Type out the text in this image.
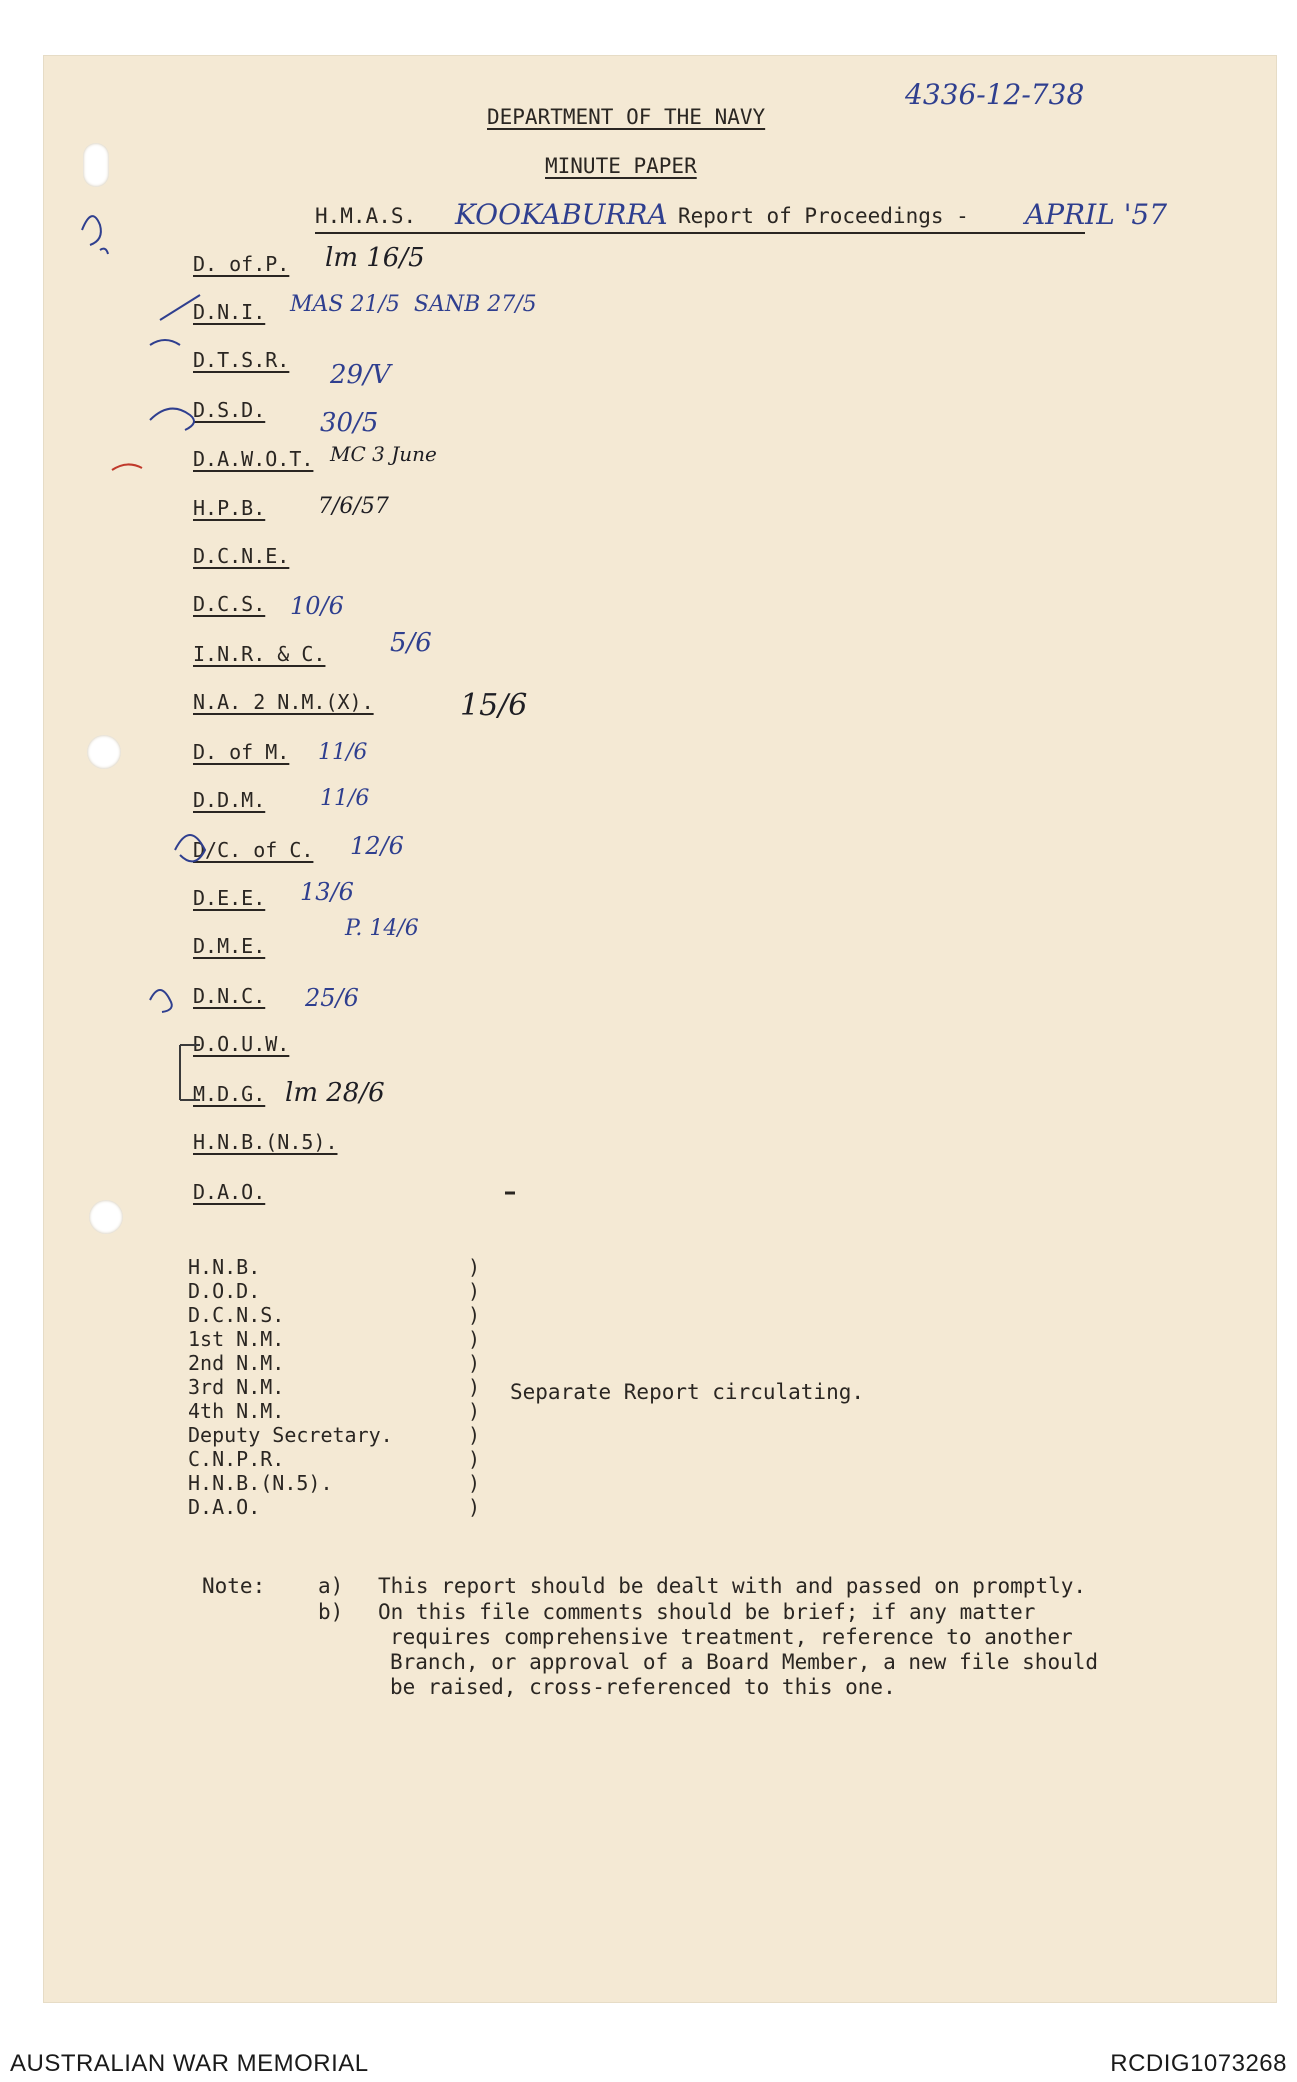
4336-12-738
DEPARTMENT OF THE NAVY
MINUTE PAPER
H.M.A.S. KOOKABURRA Report of Proceedings - APRIL '57
D. of.P.
D.N.I.
D.T.S.R.
D.S.D.
D.A.W.O.T.
H.P.B.
D.C.N.E.
D.C.S.
I.N.R. & C.
N.A. 2 N.M.(X).
D. of M.
D.D.M.
D/C. of C.
D.E.E.
D.M.E.
D.N.C.
D.O.U.W.
M.D.G.
H.N.B.(N.5).
D.A.O.
lm 16/5
MAS 21/5  SANB 27/5
29/V
30/5
MC 3 June
7/6/57
10/6
5/6
15/6
11/6
11/6
12/6
13/6
P. 14/6
25/6
lm 28/6
H.N.B.
D.O.D.
D.C.N.S.
1st N.M.
2nd N.M.
3rd N.M.
4th N.M.
Deputy Secretary.
C.N.P.R.
H.N.B.(N.5).
D.A.O.
)
)
)
)
)
)
)
)
)
)
)
Separate Report circulating.
Note:	a) This report should be dealt with and passed on promptly.
b) On this file comments should be brief; if any matter
requires comprehensive treatment, reference to another
Branch, or approval of a Board Member, a new file should
be raised, cross-referenced to this one.
AUSTRALIAN WAR MEMORIAL	RCDIG1073268
